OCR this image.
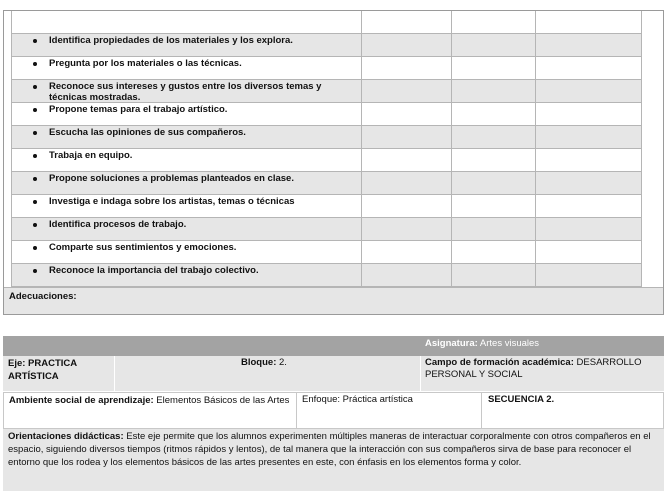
Identifica propiedades de los materiales y los explora.
Pregunta por los materiales o las técnicas.
Reconoce sus intereses y gustos entre los diversos temas y técnicas mostradas.
Propone temas para el trabajo artístico.
Escucha las opiniones de sus compañeros.
Trabaja en equipo.
Propone soluciones a problemas planteados en clase.
Investiga e indaga sobre los artistas, temas o técnicas
Identifica procesos de trabajo.
Comparte sus sentimientos y emociones.
Reconoce la importancia del trabajo colectivo.
Adecuaciones:
Asignatura: Artes visuales
Eje: PRACTICA ARTÍSTICA
Bloque: 2.	Campo de formación académica: DESARROLLO PERSONAL Y SOCIAL
Ambiente social de aprendizaje: Elementos Básicos de las Artes Enfoque: Práctica artística	SECUENCIA 2.
Orientaciones didácticas: Este eje permite que los alumnos experimenten múltiples maneras de interactuar corporalmente con otros compañeros en el espacio, siguiendo diversos tiempos (ritmos rápidos y lentos), de tal manera que la interacción con sus compañeros sirva de base para reconocer el entorno que los rodea y los elementos básicos de las artes presentes en este, con énfasis en los elementos forma y color.
